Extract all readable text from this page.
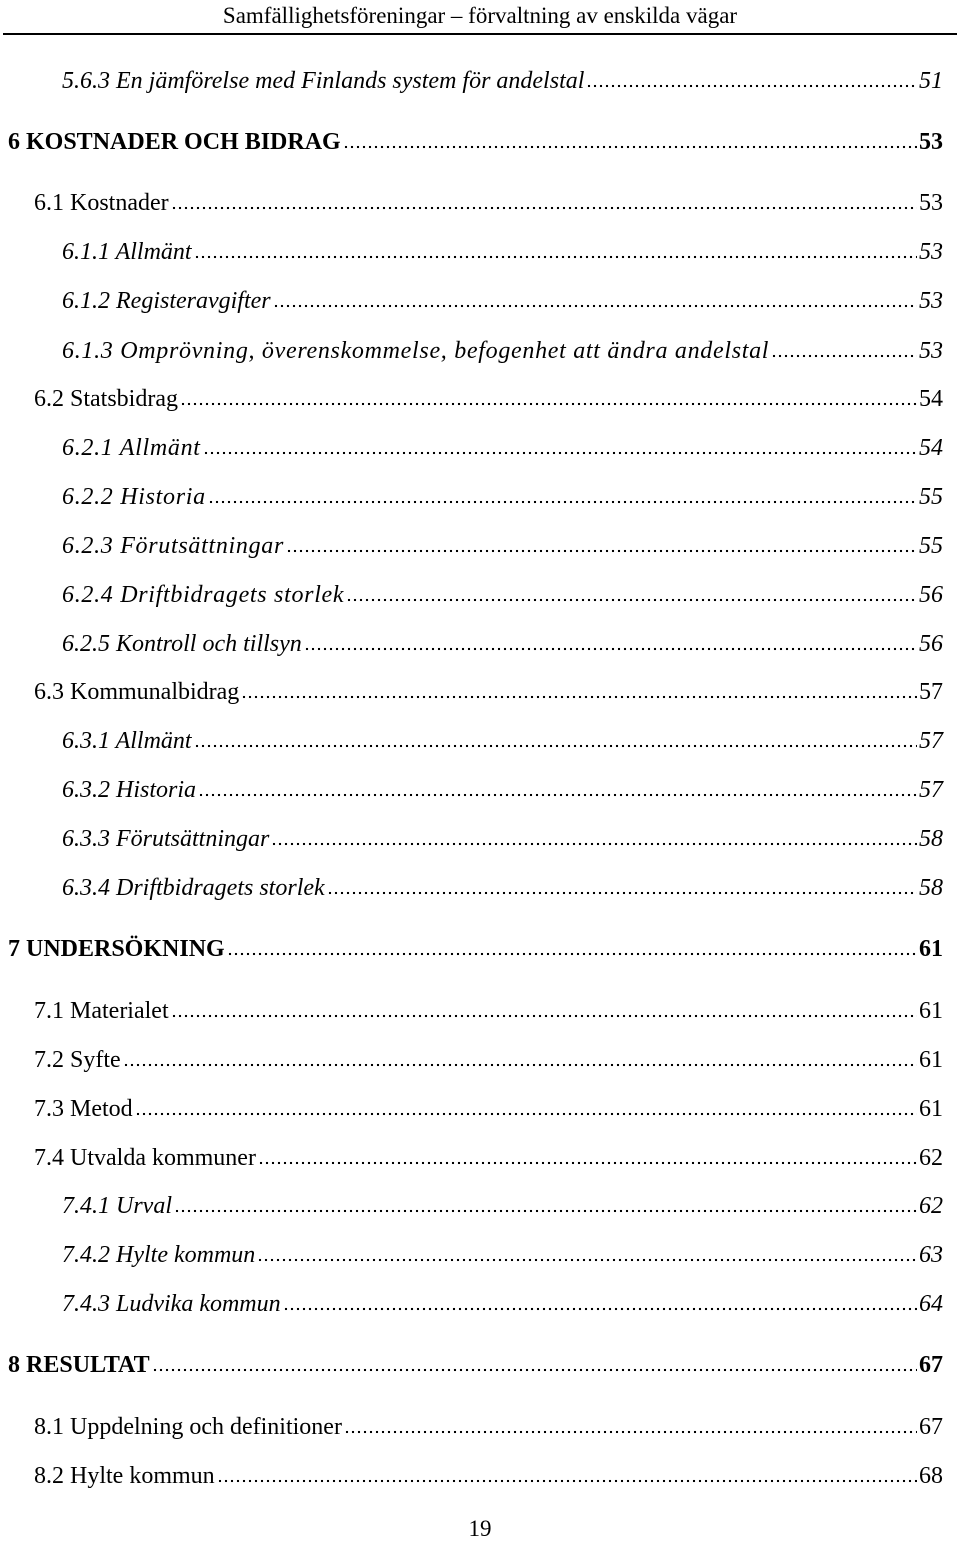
Samfällighetsföreningar – förvaltning av enskilda vägar
5.6.3 En jämförelse med Finlands system för andelstal	51
6 KOSTNADER OCH BIDRAG	53
6.1 Kostnader	53
6.1.1 Allmänt	53
6.1.2 Registeravgifter	53
6.1.3 Omprövning, överenskommelse, befogenhet att ändra andelstal	53
6.2 Statsbidrag	54
6.2.1 Allmänt	54
6.2.2 Historia	55
6.2.3 Förutsättningar	55
6.2.4 Driftbidragets storlek	56
6.2.5 Kontroll och tillsyn	56
6.3 Kommunalbidrag	57
6.3.1 Allmänt	57
6.3.2 Historia	57
6.3.3 Förutsättningar	58
6.3.4 Driftbidragets storlek	58
7 UNDERSÖKNING	61
7.1 Materialet	61
7.2 Syfte	61
7.3 Metod	61
7.4 Utvalda kommuner	62
7.4.1 Urval	62
7.4.2 Hylte kommun	63
7.4.3 Ludvika kommun	64
8 RESULTAT	67
8.1 Uppdelning och definitioner	67
8.2 Hylte kommun	68
19
